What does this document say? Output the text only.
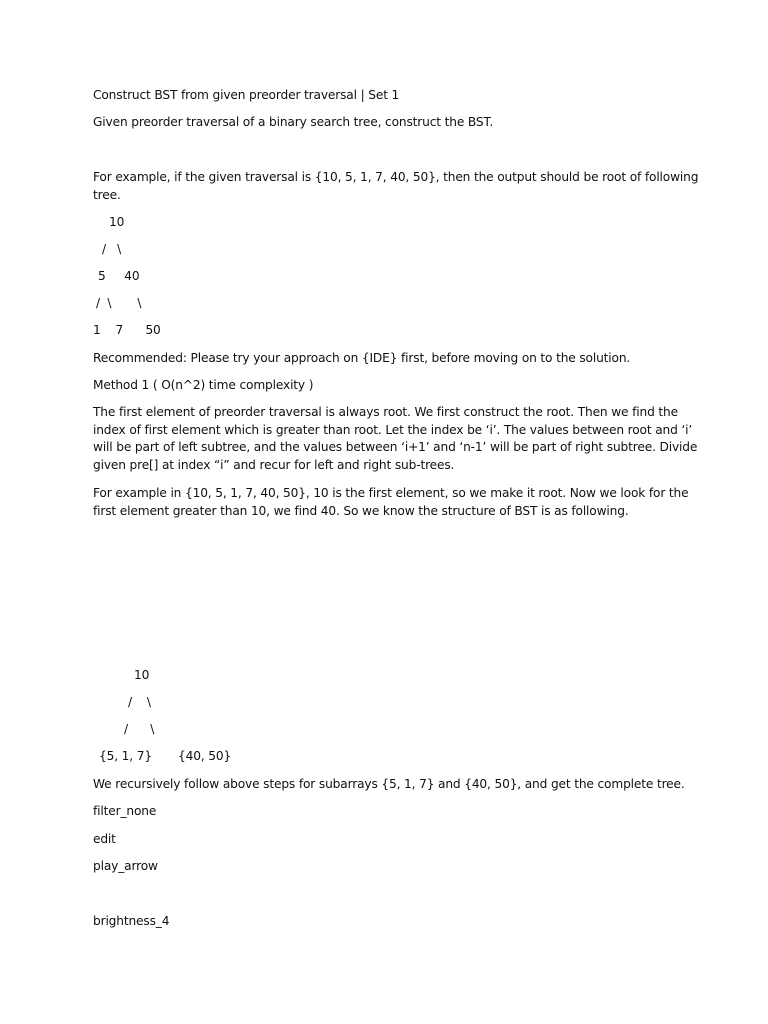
Construct BST from given preorder traversal | Set 1
Given preorder traversal of a binary search tree, construct the BST.
For example, if the given traversal is {10, 5, 1, 7, 40, 50}, then the output should be root of following
tree.
10
/   \
5     40
/  \       \
1    7      50
Recommended: Please try your approach on {IDE} first, before moving on to the solution.
Method 1 ( O(n^2) time complexity )
The first element of preorder traversal is always root. We first construct the root. Then we find the
index of first element which is greater than root. Let the index be ‘i’. The values between root and ‘i’
will be part of left subtree, and the values between ‘i+1’ and ‘n-1’ will be part of right subtree. Divide
given pre[] at index “i” and recur for left and right sub-trees.
For example in {10, 5, 1, 7, 40, 50}, 10 is the first element, so we make it root. Now we look for the
first element greater than 10, we find 40. So we know the structure of BST is as following.
10
/    \
/      \
{5, 1, 7}       {40, 50}
We recursively follow above steps for subarrays {5, 1, 7} and {40, 50}, and get the complete tree.
filter_none
edit
play_arrow
brightness_4
